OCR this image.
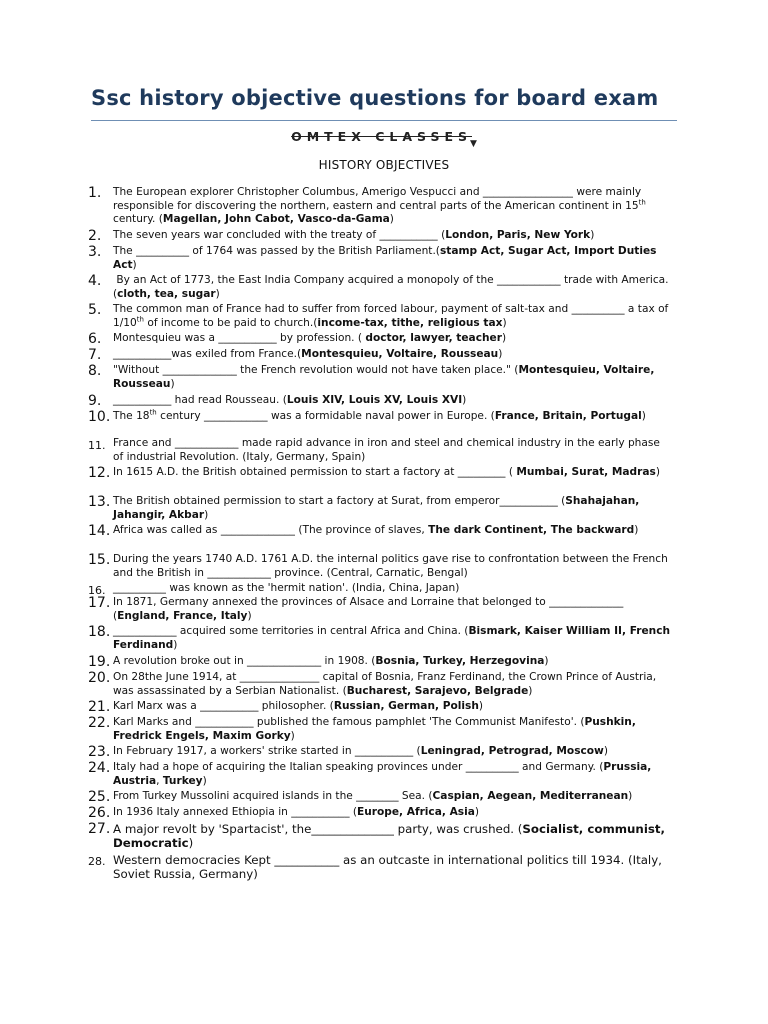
Ssc history objective questions for board exam
OMTEX $CLASSES_▼$
HISTORY OBJECTIVES
1.	The European explorer Christopher Columbus, Amerigo Vespucci and _________________ were mainly responsible for discovering the northern, eastern and central parts of the American continent in 15th century. (Magellan, John Cabot, Vasco-da-Gama)
2.	The seven years war concluded with the treaty of ___________ (London, Paris, New York)
3.	The __________ of 1764 was passed by the British Parliament.(stamp Act, Sugar Act, Import Duties Act)
4.	By an Act of 1773, the East India Company acquired a monopoly of the ____________ trade with America. (cloth, tea, sugar)
5.	The common man of France had to suffer from forced labour, payment of salt-tax and __________ a tax of 1/10th of income to be paid to church.(income-tax, tithe, religious tax)
6.	Montesquieu was a ___________ by profession. ( doctor, lawyer, teacher)
7.	___________was exiled from France.(Montesquieu, Voltaire, Rousseau)
8.	"Without ______________ the French revolution would not have taken place." (Montesquieu, Voltaire, Rousseau)
9.	___________ had read Rousseau. (Louis XIV, Louis XV, Louis XVI)
10. The 18th century ____________ was a formidable naval power in Europe. (France, Britain, Portugal)
11. France and ____________ made rapid advance in iron and steel and chemical industry in the early phase of industrial Revolution. (Italy, Germany, Spain)
12. In 1615 A.D. the British obtained permission to start a factory at _________ ( Mumbai, Surat, Madras)
13. The British obtained permission to start a factory at Surat, from emperor___________ (Shahajahan, Jahangir, Akbar)
14. Africa was called as ______________ (The province of slaves, The dark Continent, The backward)
15. During the years 1740 A.D. 1761 A.D. the internal politics gave rise to confrontation between the French and the British in ____________ province. (Central, Carnatic, Bengal)
16. __________ was known as the 'hermit nation'. (India, China, Japan)
17. In 1871, Germany annexed the provinces of Alsace and Lorraine that belonged to ______________ (England, France, Italy)
18. ____________ acquired some territories in central Africa and China. (Bismark, Kaiser William II, French Ferdinand)
19. A revolution broke out in ______________ in 1908. (Bosnia, Turkey, Herzegovina)
20. On 28the June 1914, at _______________ capital of Bosnia, Franz Ferdinand, the Crown Prince of Austria, was assassinated by a Serbian Nationalist. (Bucharest, Sarajevo, Belgrade)
21. Karl Marx was a ___________ philosopher. (Russian, German, Polish)
22. Karl Marks and ___________ published the famous pamphlet 'The Communist Manifesto'. (Pushkin, Fredrick Engels, Maxim Gorky)
23. In February 1917, a workers' strike started in ___________ (Leningrad, Petrograd, Moscow)
24. Italy had a hope of acquiring the Italian speaking provinces under __________ and Germany. (Prussia, Austria, Turkey)
25. From Turkey Mussolini acquired islands in the ________ Sea. (Caspian, Aegean, Mediterranean)
26. In 1936 Italy annexed Ethiopia in ___________ (Europe, Africa, Asia)
27. A major revolt by 'Spartacist', the______________ party, was crushed. (Socialist, communist, Democratic)
28. Western democracies Kept ___________ as an outcaste in international politics till 1934. (Italy, Soviet Russia, Germany)
